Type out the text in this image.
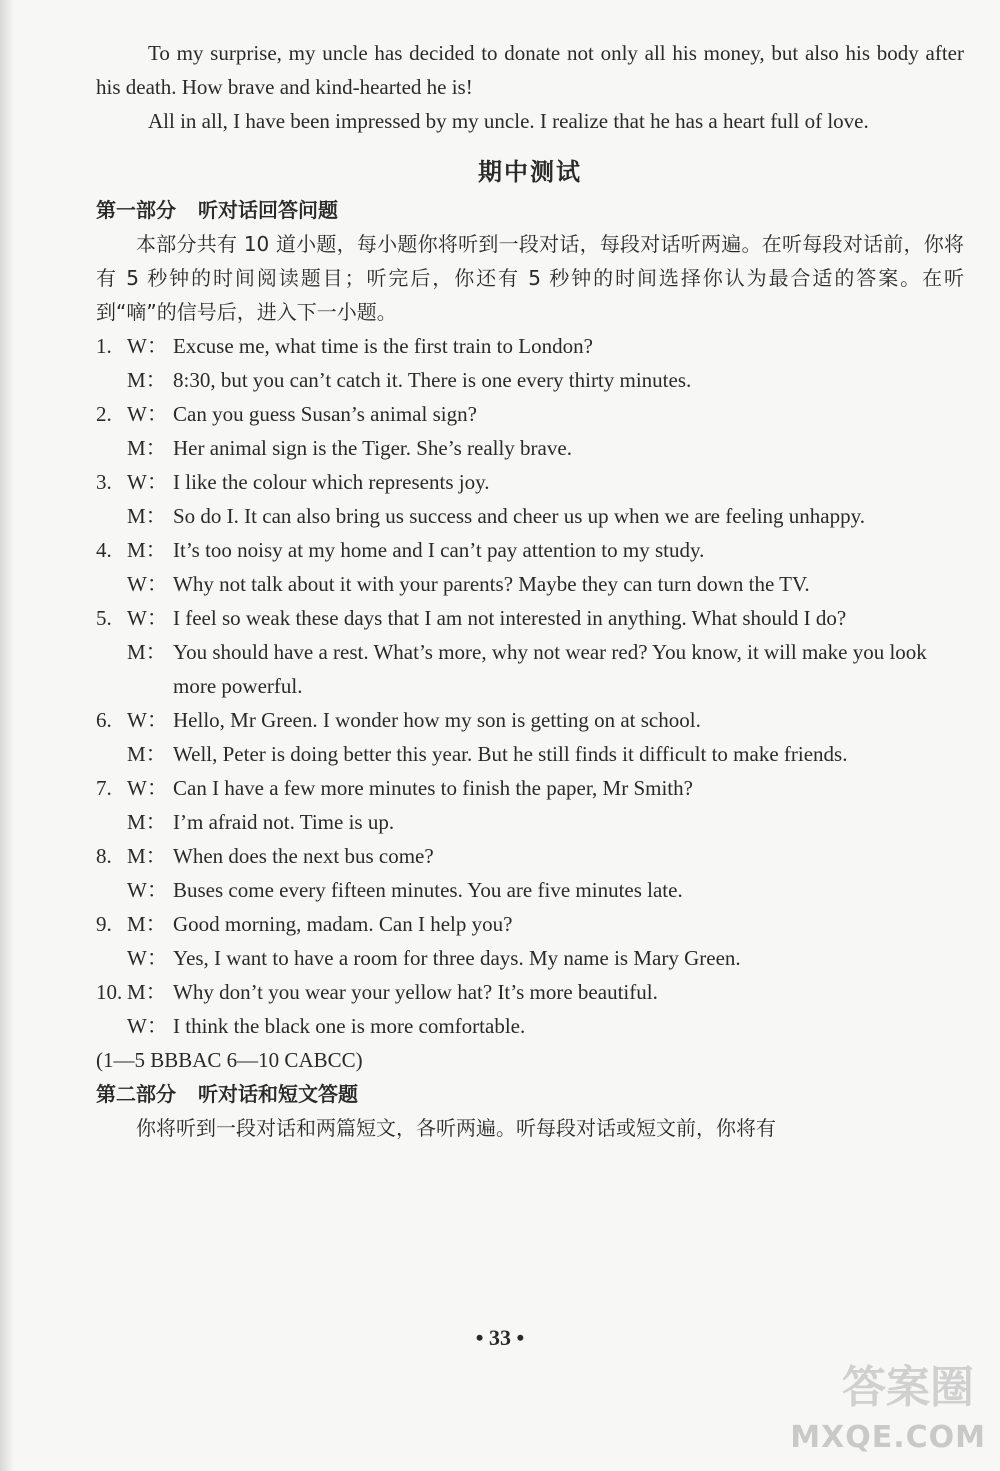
To my surprise, my uncle has decided to donate not only all his money, but also his body after his death. How brave and kind-hearted he is!

All in all, I have been impressed by my uncle. I realize that he has a heart full of love.

期中测试

第一部分 听对话回答问题

本部分共有 10 道小题，每小题你将听到一段对话，每段对话听两遍。在听每段对话前，你将有 5 秒钟的时间阅读题目；听完后，你还有 5 秒钟的时间选择你认为最合适的答案。在听到“嘀”的信号后，进入下一小题。

1. W： Excuse me, what time is the first train to London?
M： 8:30, but you can’t catch it. There is one every thirty minutes.
2. W： Can you guess Susan’s animal sign?
M： Her animal sign is the Tiger. She’s really brave.
3. W： I like the colour which represents joy.
M： So do I. It can also bring us success and cheer us up when we are feeling unhappy.
4. M： It’s too noisy at my home and I can’t pay attention to my study.
W： Why not talk about it with your parents? Maybe they can turn down the TV.
5. W： I feel so weak these days that I am not interested in anything. What should I do?
M： You should have a rest. What’s more, why not wear red? You know, it will make you look more powerful.
6. W： Hello, Mr Green. I wonder how my son is getting on at school.
M： Well, Peter is doing better this year. But he still finds it difficult to make friends.
7. W： Can I have a few more minutes to finish the paper, Mr Smith?
M： I’m afraid not. Time is up.
8. M： When does the next bus come?
W： Buses come every fifteen minutes. You are five minutes late.
9. M： Good morning, madam. Can I help you?
W： Yes, I want to have a room for three days. My name is Mary Green.
10. M： Why don’t you wear your yellow hat? It’s more beautiful.
W： I think the black one is more comfortable.

(1—5 BBBAC 6—10 CABCC)

第二部分 听对话和短文答题

你将听到一段对话和两篇短文，各听两遍。听每段对话或短文前，你将有

• 33 •
答案圈
MXQE.COM
